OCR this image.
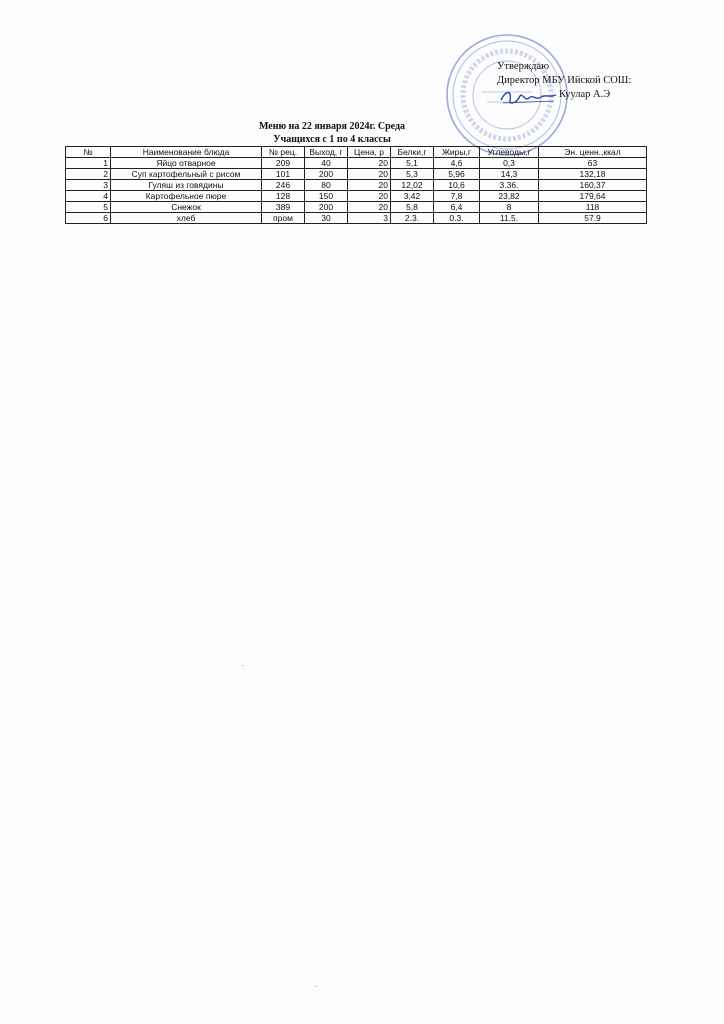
Утверждаю
Директор МБУ Ийской СОШ:
Куулар А.Э
Меню на 22 января 2024г. Среда
Учащихся с 1 по 4 классы
№	Наименование блюда	№ рец.	Выход, г	Цена, р	Белки,г	Жиры,г	Углеводы,г	Эн. ценн.,ккал
1	Яйцо отварное	209	40	20	5,1	4,6	0,3	63
2	Суп картофельный с рисом	101	200	20	5,3	5,96	14,3	132,18
3	Гуляш из говядины	246	80	20	12,02	10,6	3.36.	160,37
4	Картофельное пюре	128	150	20	3,42	7,8	23,82	179,64
5	Снежок	389	200	20	5,8	6,4	8	118
6	хлеб	пром	30	3	2.3.	0.3.	11.5.	57.9
